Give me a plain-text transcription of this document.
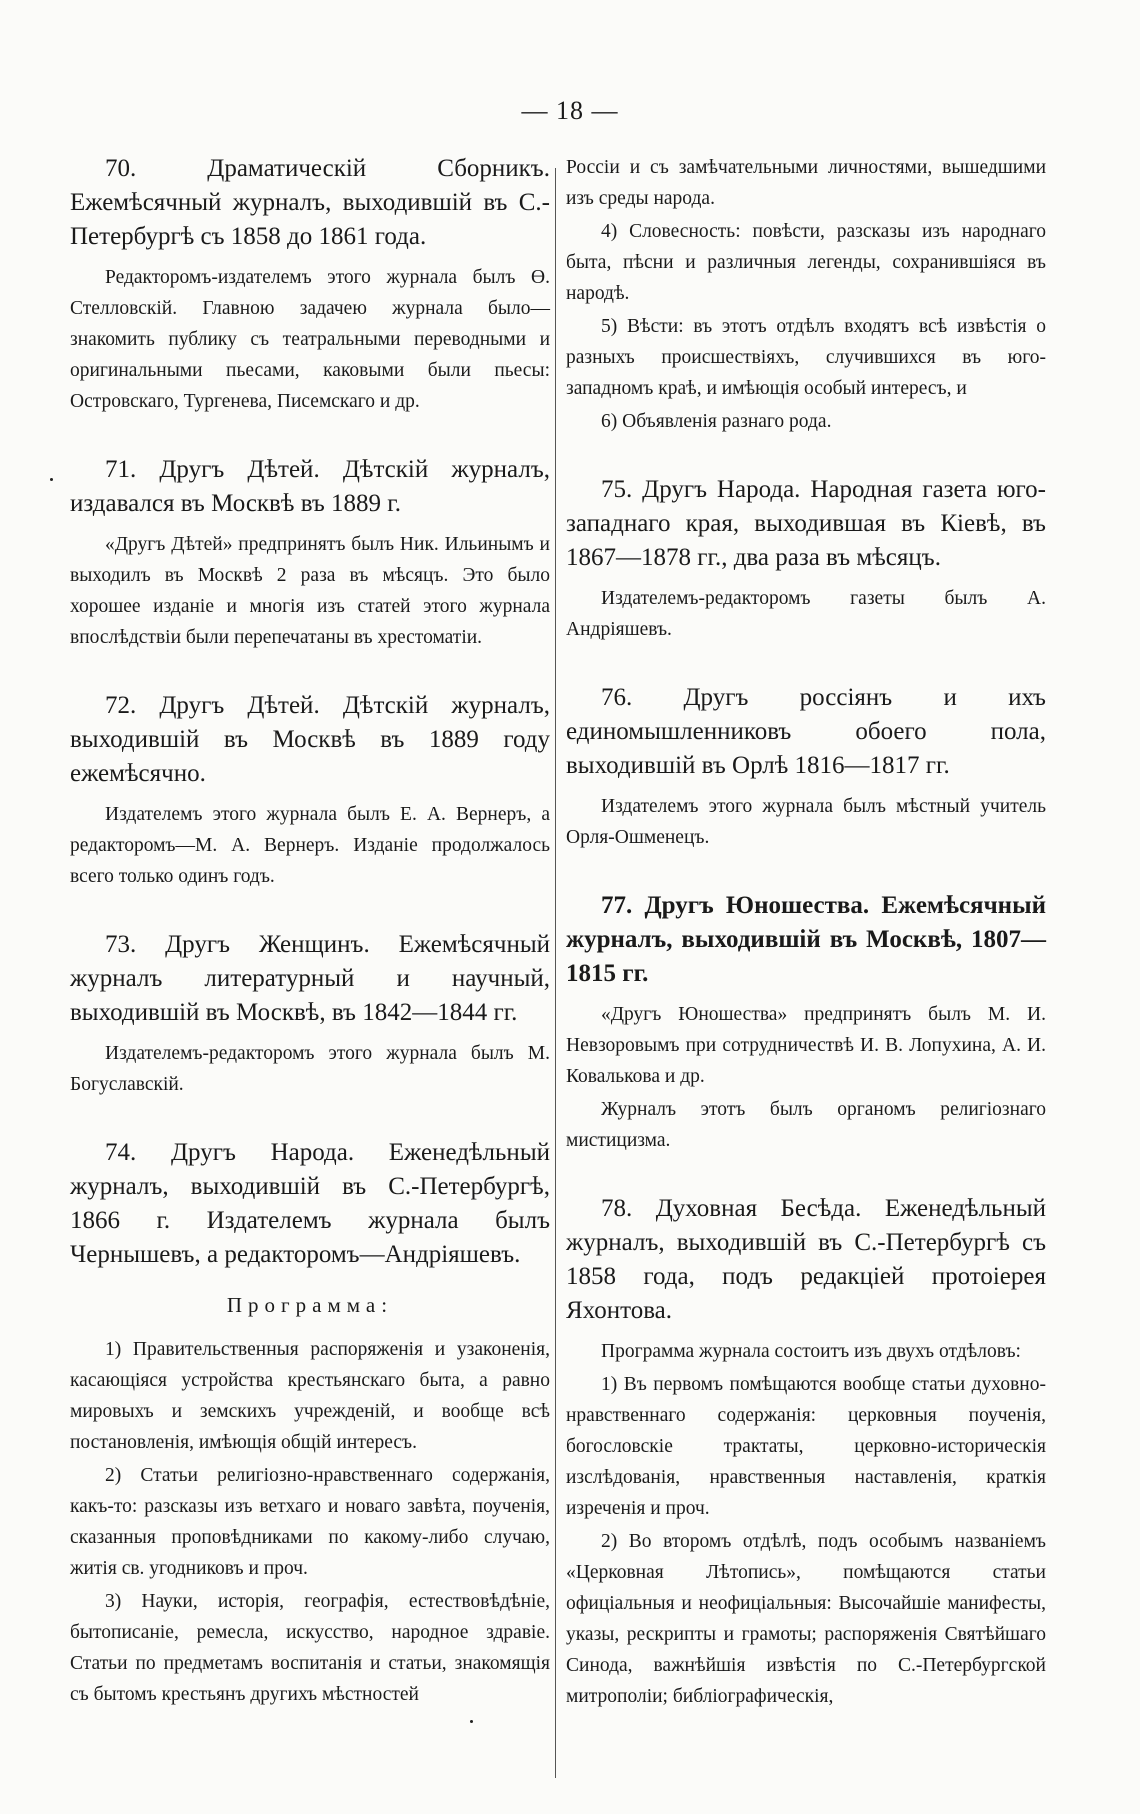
— 18 —

70. Драматическій Сборникъ. Ежемѣсячный журналъ, выходившій въ С.-Петербургѣ съ 1858 до 1861 года.

Редакторомъ-издателемъ этого журнала былъ Ө. Стелловскій. Главною задачею журнала было—знакомить публику съ театральными переводными и оригинальными пьесами, каковыми были пьесы: Островскаго, Тургенева, Писемскаго и др.

71. Другъ Дѣтей. Дѣтскій журналъ, издавался въ Москвѣ въ 1889 г.

«Другъ Дѣтей» предпринятъ былъ Ник. Ильинымъ и выходилъ въ Москвѣ 2 раза въ мѣсяцъ. Это было хорошее изданіе и многія изъ статей этого журнала впослѣдствіи были перепечатаны въ хрестоматіи.

72. Другъ Дѣтей. Дѣтскій журналъ, выходившій въ Москвѣ въ 1889 году ежемѣсячно.

Издателемъ этого журнала былъ Е. А. Вернеръ, а редакторомъ—М. А. Вернеръ. Изданіе продолжалось всего только одинъ годъ.

73. Другъ Женщинъ. Ежемѣсячный журналъ литературный и научный, выходившій въ Москвѣ, въ 1842—1844 гг.

Издателемъ-редакторомъ этого журнала былъ М. Богуславскій.

74. Другъ Народа. Еженедѣльный журналъ, выходившій въ С.-Петербургѣ, 1866 г. Издателемъ журнала былъ Чернышевъ, а редакторомъ—Андріяшевъ.

Программа:

1) Правительственныя распоряженія и узаконенія, касающіяся устройства крестьянскаго быта, а равно мировыхъ и земскихъ учрежденій, и вообще всѣ постановленія, имѣющія общій интересъ.

2) Статьи религіозно-нравственнаго содержанія, какъ-то: разсказы изъ ветхаго и новаго завѣта, поученія, сказанныя проповѣдниками по какому-либо случаю, житія св. угодниковъ и проч.

3) Науки, исторія, географія, естествовѣдѣніе, бытописаніе, ремесла, искусство, народное здравіе. Статьи по предметамъ воспитанія и статьи, знакомящія съ бытомъ крестьянъ другихъ мѣстностей

Россіи и съ замѣчательными личностями, вышедшими изъ среды народа.

4) Словесность: повѣсти, разсказы изъ народнаго быта, пѣсни и различныя легенды, сохранившіяся въ народѣ.

5) Вѣсти: въ этотъ отдѣлъ входятъ всѣ извѣстія о разныхъ происшествіяхъ, случившихся въ юго-западномъ краѣ, и имѣющія особый интересъ, и

6) Объявленія разнаго рода.

75. Другъ Народа. Народная газета юго-западнаго края, выходившая въ Кіевѣ, въ 1867—1878 гг., два раза въ мѣсяцъ.

Издателемъ-редакторомъ газеты былъ А. Андріяшевъ.

76. Другъ россіянъ и ихъ единомышленниковъ обоего пола, выходившій въ Орлѣ 1816—1817 гг.

Издателемъ этого журнала былъ мѣстный учитель Орля-Ошменецъ.

77. Другъ Юношества. Ежемѣсячный журналъ, выходившій въ Москвѣ, 1807—1815 гг.

«Другъ Юношества» предпринятъ былъ М. И. Невзоровымъ при сотрудничествѣ И. В. Лопухина, А. И. Ковалькова и др.

Журналъ этотъ былъ органомъ религіознаго мистицизма.

78. Духовная Бесѣда. Еженедѣльный журналъ, выходившій въ С.-Петербургѣ съ 1858 года, подъ редакціей протоіерея Яхонтова.

Программа журнала состоитъ изъ двухъ отдѣловъ:

1) Въ первомъ помѣщаются вообще статьи духовно-нравственнаго содержанія: церковныя поученія, богословскіе трактаты, церковно-историческія изслѣдованія, нравственныя наставленія, краткія изреченія и проч.

2) Во второмъ отдѣлѣ, подъ особымъ названіемъ «Церковная Лѣтопись», помѣщаются статьи офиціальныя и неофиціальныя: Высочайшіе манифесты, указы, рескрипты и грамоты; распоряженія Святѣйшаго Синода, важнѣйшія извѣстія по С.-Петербургской митрополіи; библіографическія,
